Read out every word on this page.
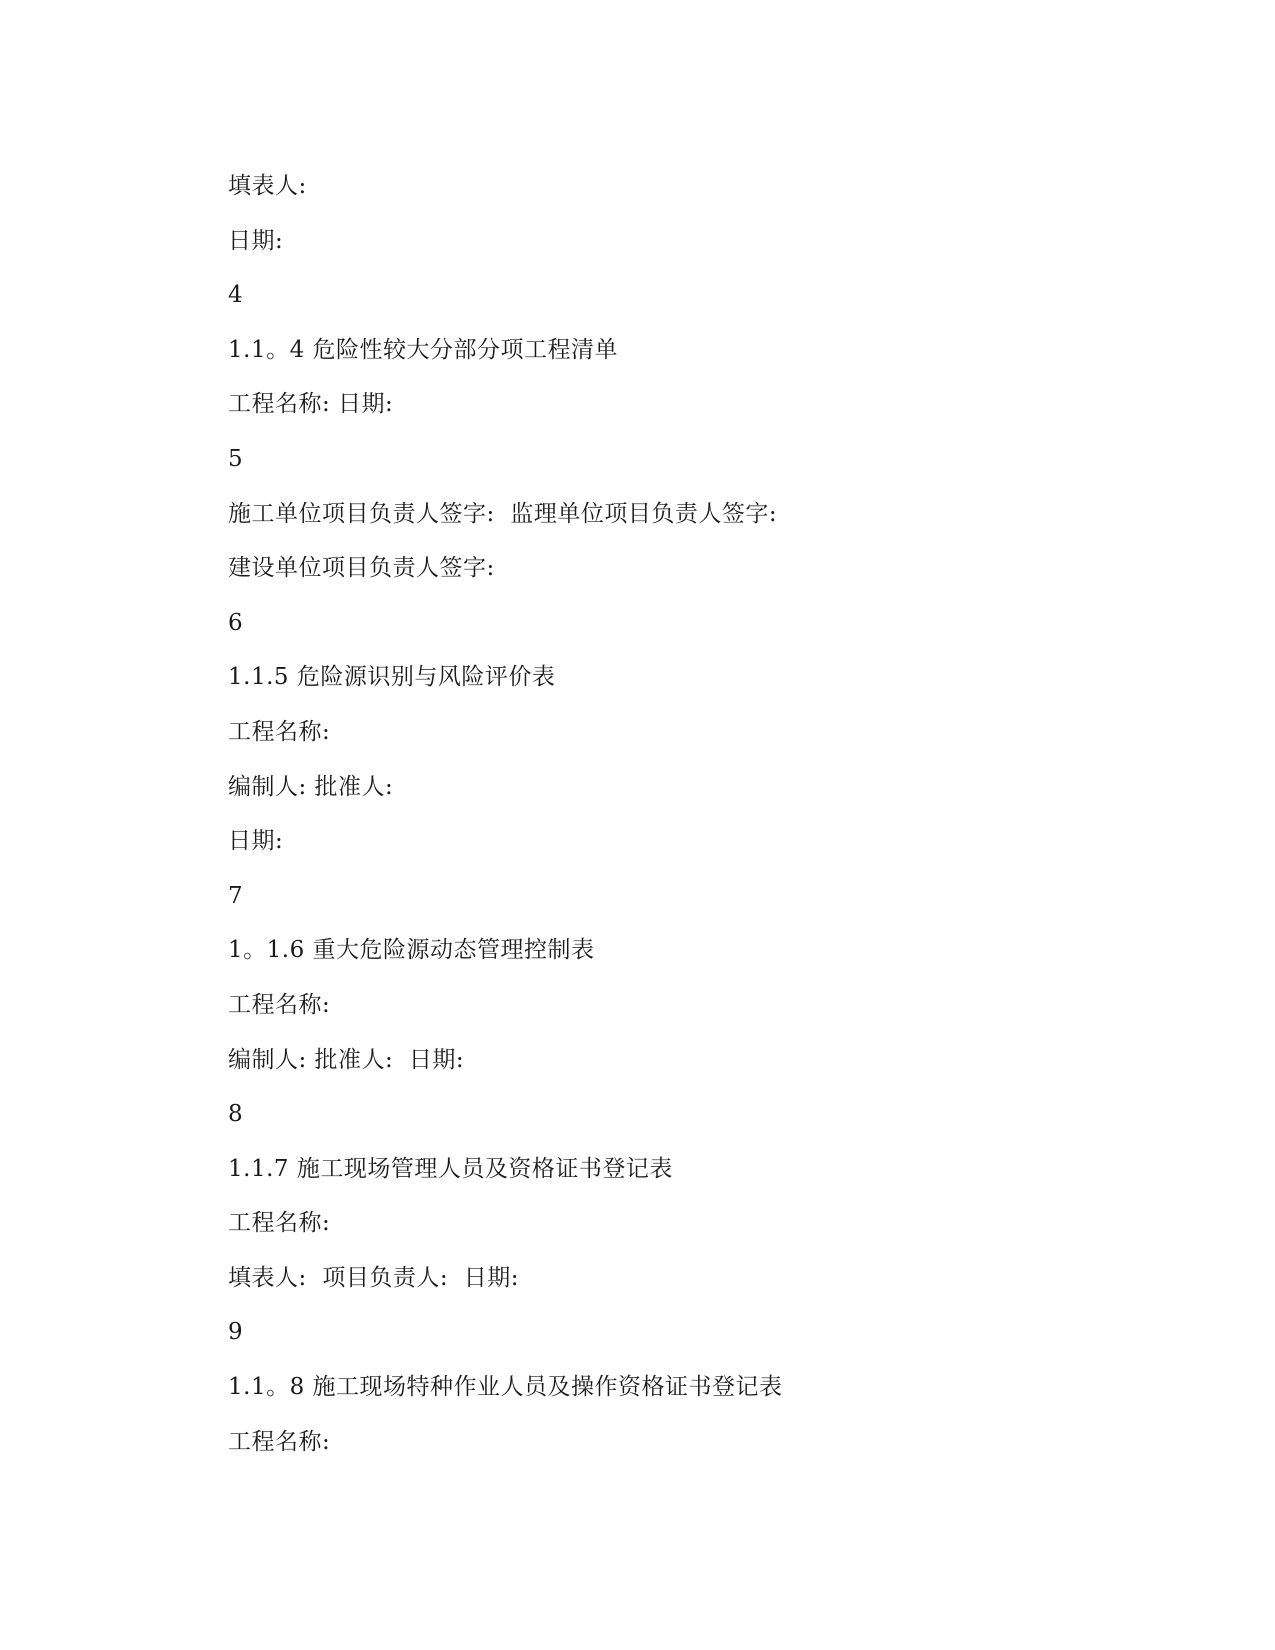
填表人:
日期:
4
1.1。4 危险性较大分部分项工程清单
工程名称: 日期:
5
施工单位项目负责人签字:  监理单位项目负责人签字:
建设单位项目负责人签字:
6
1.1.5 危险源识别与风险评价表
工程名称:
编制人: 批准人:
日期:
7
1。1.6 重大危险源动态管理控制表
工程名称:
编制人: 批准人:  日期:
8
1.1.7 施工现场管理人员及资格证书登记表
工程名称:
填表人:  项目负责人:  日期:
9
1.1。8 施工现场特种作业人员及操作资格证书登记表
工程名称:
